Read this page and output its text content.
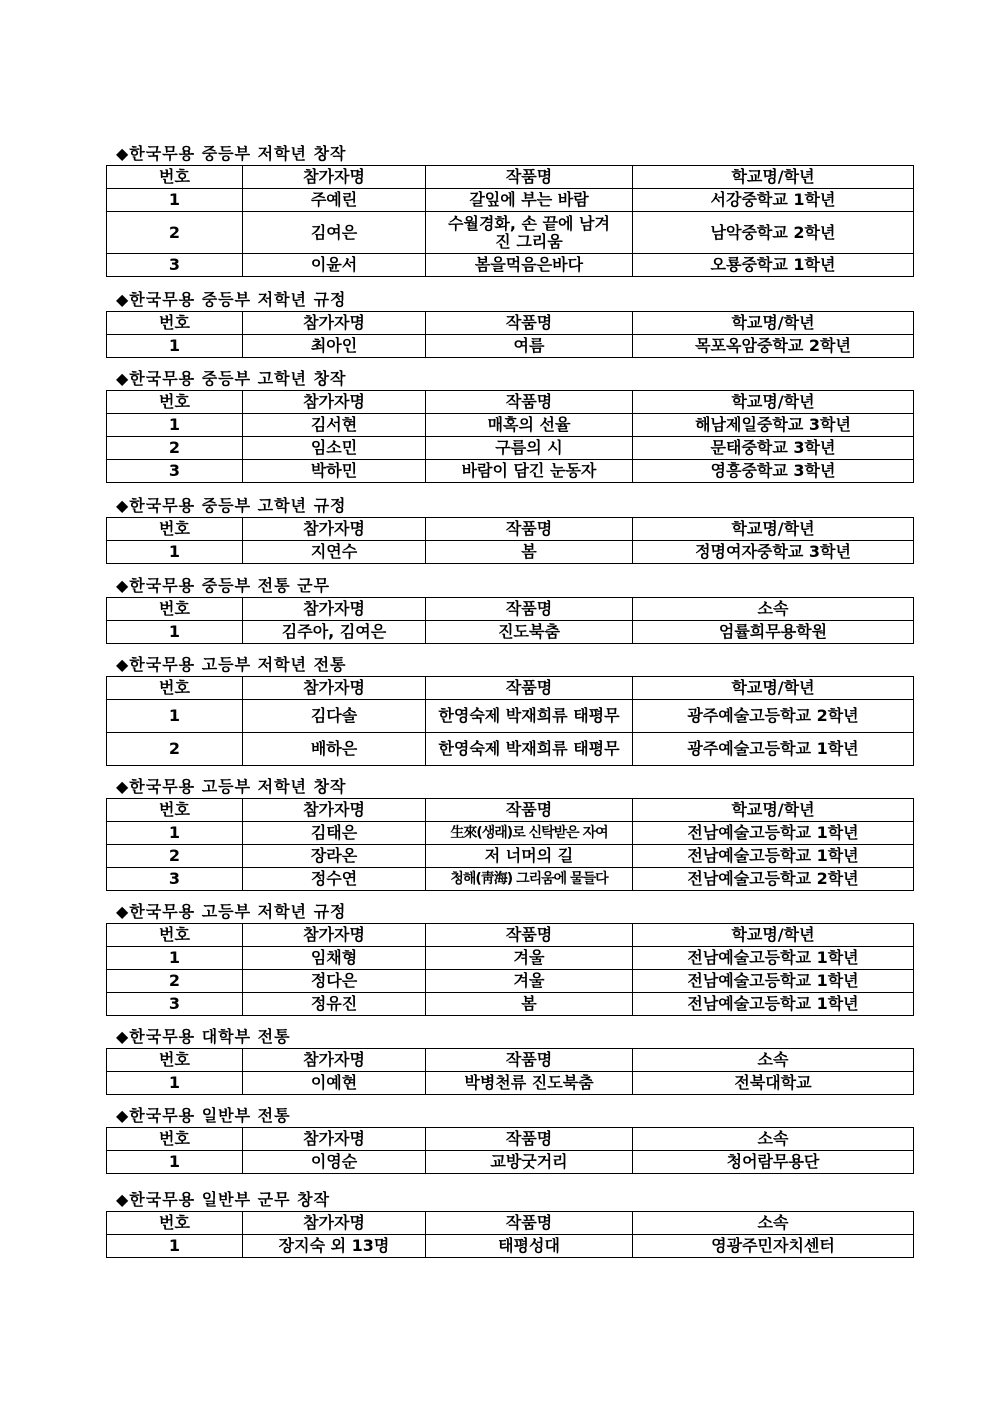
◆한국무용 중등부 저학년 창작
번호	참가자명	작품명	학교명/학년
1	주예린	갈잎에 부는 바람	서강중학교 1학년
2	김여은	수월경화, 손 끝에 남겨진 그리움	남악중학교 2학년
3	이윤서	봄을먹음은바다	오룡중학교 1학년
◆한국무용 중등부 저학년 규정
번호	참가자명	작품명	학교명/학년
1	최아인	여름	목포옥암중학교 2학년
◆한국무용 중등부 고학년 창작
번호	참가자명	작품명	학교명/학년
1	김서현	매혹의 선율	해남제일중학교 3학년
2	임소민	구름의 시	문태중학교 3학년
3	박하민	바람이 담긴 눈동자	영흥중학교 3학년
◆한국무용 중등부 고학년 규정
번호	참가자명	작품명	학교명/학년
1	지연수	봄	정명여자중학교 3학년
◆한국무용 중등부 전통 군무
번호	참가자명	작품명	소속
1	김주아, 김여은	진도북춤	엄률희무용학원
◆한국무용 고등부 저학년 전통
번호	참가자명	작품명	학교명/학년
1	김다솔	한영숙제 박재희류 태평무	광주예술고등학교 2학년
2	배하은	한영숙제 박재희류 태평무	광주예술고등학교 1학년
◆한국무용 고등부 저학년 창작
번호	참가자명	작품명	학교명/학년
1	김태은	生來(생래)로 신탁받은 자여	전남예술고등학교 1학년
2	장라온	저 너머의 길	전남예술고등학교 1학년
3	정수연	청해(靑海) 그리움에 물들다	전남예술고등학교 2학년
◆한국무용 고등부 저학년 규정
번호	참가자명	작품명	학교명/학년
1	임채형	겨울	전남예술고등학교 1학년
2	정다은	겨울	전남예술고등학교 1학년
3	정유진	봄	전남예술고등학교 1학년
◆한국무용 대학부 전통
번호	참가자명	작품명	소속
1	이예현	박병천류 진도북춤	전북대학교
◆한국무용 일반부 전통
번호	참가자명	작품명	소속
1	이영순	교방굿거리	청어람무용단
◆한국무용 일반부 군무 창작
번호	참가자명	작품명	소속
1	장지숙 외 13명	태평성대	영광주민자치센터
